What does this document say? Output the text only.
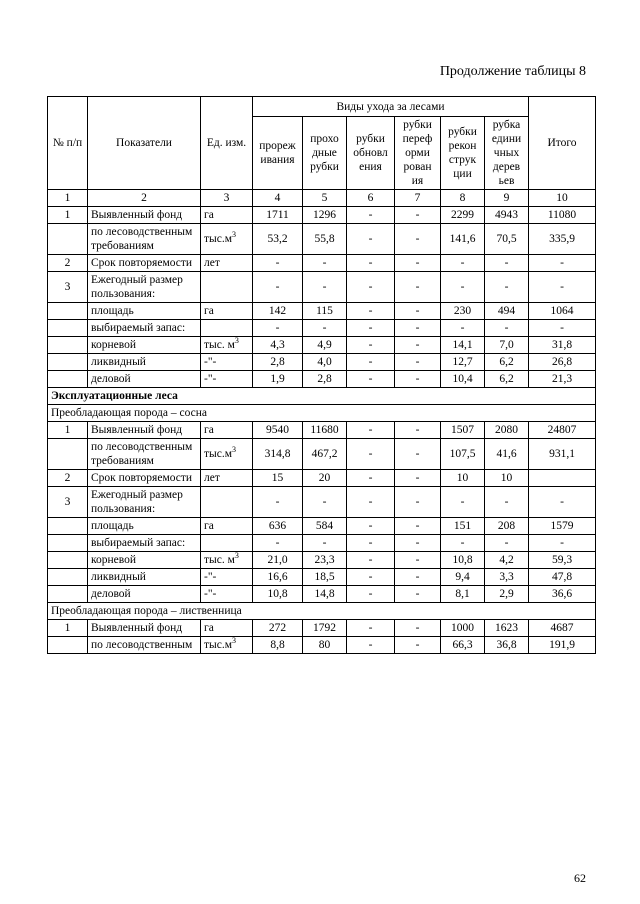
Продолжение таблицы 8
№ п/п	Показатели	Ед. изм.	Виды ухода за лесами						Итого
			прореж ивания	прохо дные рубки	рубки обновл ения	рубки переф орми рован ия	рубки рекон струк ции	рубка едини чных дерев ьев	
1	2	3	4	5	6	7	8	9	10
1	Выявленный фонд	га	1711	1296	-	-	2299	4943	11080
	по лесоводственным требованиям	$тыс.м^3$	53,2	55,8	-	-	141,6	70,5	335,9
2	Срок повторяемости	лет	-	-	-	-	-	-	-
3	Ежегодный размер пользования:		-	-	-	-	-	-	-
	площадь	га	142	115	-	-	230	494	1064
	выбираемый запас:		-	-	-	-	-	-	-
	корневой	тыс. $м^3$	4,3	4,9	-	-	14,1	7,0	31,8
	ликвидный	-"-	2,8	4,0	-	-	12,7	6,2	26,8
	деловой	-"-	1,9	2,8	-	-	10,4	6,2	21,3
Эксплуатационные леса									
Преобладающая порода – сосна									
1	Выявленный фонд	га	9540	11680	-	-	1507	2080	24807
	по лесоводственным требованиям	$тыс.м^3$	314,8	467,2	-	-	107,5	41,6	931,1
2	Срок повторяемости	лет	15	20	-	-	10	10	
3	Ежегодный размер пользования:		-	-	-	-	-	-	-
	площадь	га	636	584	-	-	151	208	1579
	выбираемый запас:		-	-	-	-	-	-	-
	корневой	тыс. $м^3$	21,0	23,3	-	-	10,8	4,2	59,3
	ликвидный	-"-	16,6	18,5	-	-	9,4	3,3	47,8
	деловой	-"-	10,8	14,8	-	-	8,1	2,9	36,6
Преобладающая порода – лиственница									
1	Выявленный фонд	га	272	1792	-	-	1000	1623	4687
	по лесоводственным	$тыс.м^3$	8,8	80	-	-	66,3	36,8	191,9
62
